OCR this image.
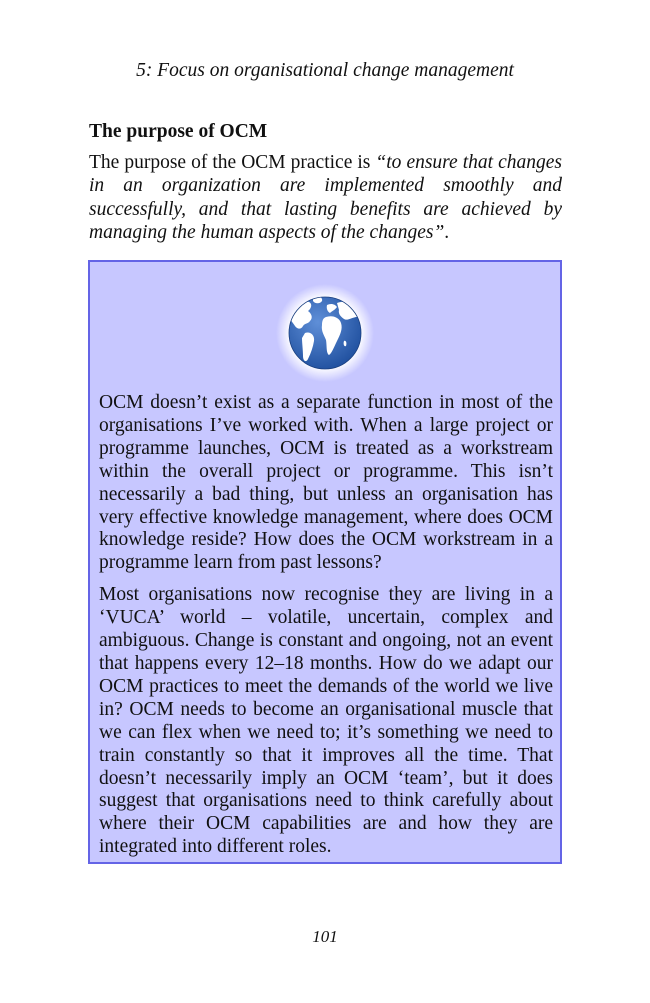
5: Focus on organisational change management
The purpose of OCM

The purpose of the OCM practice is “to ensure that changes in an organization are implemented smoothly and successfully, and that lasting benefits are achieved by managing the human aspects of the changes”.

OCM doesn’t exist as a separate function in most of the organisations I’ve worked with. When a large project or programme launches, OCM is treated as a workstream within the overall project or programme. This isn’t necessarily a bad thing, but unless an organisation has very effective knowledge management, where does OCM knowledge reside? How does the OCM workstream in a programme learn from past lessons?

Most organisations now recognise they are living in a ‘VUCA’ world – volatile, uncertain, complex and ambiguous. Change is constant and ongoing, not an event that happens every 12–18 months. How do we adapt our OCM practices to meet the demands of the world we live in? OCM needs to become an organisational muscle that we can flex when we need to; it’s something we need to train constantly so that it improves all the time. That doesn’t necessarily imply an OCM ‘team’, but it does suggest that organisations need to think carefully about where their OCM capabilities are and how they are integrated into different roles.

101
